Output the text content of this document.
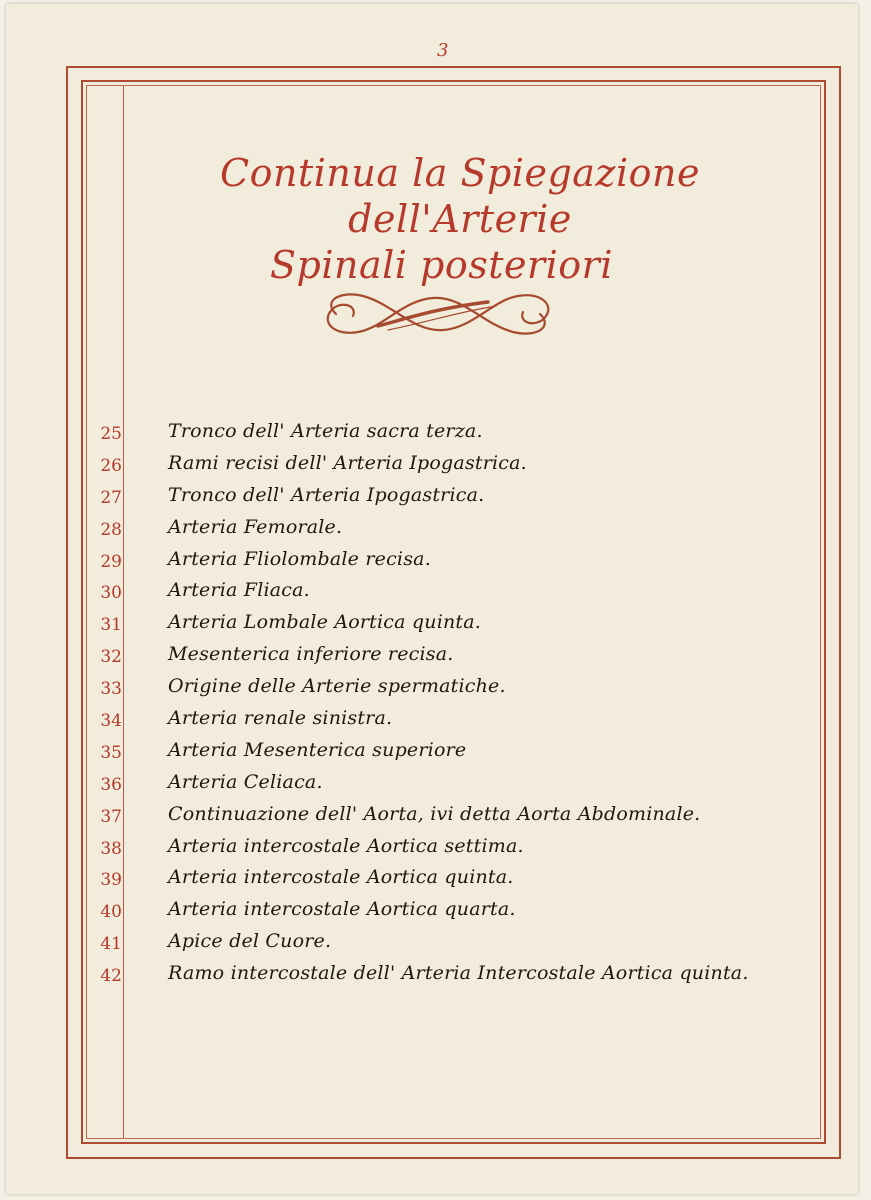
3
Continua la Spiegazione dell'Arterie
Spinali posteriori
25 Tronco dell' Arteria sacra terza.
26 Rami recisi dell' Arteria Ipogastrica.
27 Tronco dell' Arteria Ipogastrica.
28 Arteria Femorale.
29 Arteria Fliolombale recisa.
30 Arteria Fliaca.
31 Arteria Lombale Aortica quinta.
32 Mesenterica inferiore recisa.
33 Origine delle Arterie spermatiche.
34 Arteria renale sinistra.
35 Arteria Mesenterica superiore
36 Arteria Celiaca.
37 Continuazione dell' Aorta, ivi detta Aorta Abdominale.
38 Arteria intercostale Aortica settima.
39 Arteria intercostale Aortica quinta.
40 Arteria intercostale Aortica quarta.
41 Apice del Cuore.
42 Ramo intercostale dell' Arteria Intercostale Aortica quinta.
